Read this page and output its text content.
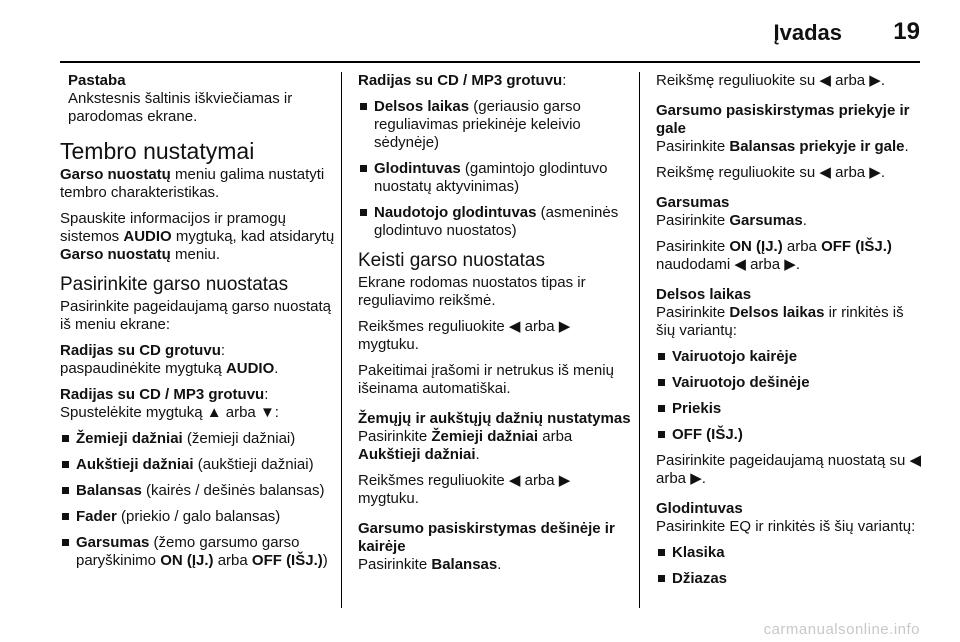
Įvadas 19
Pastaba
Ankstesnis šaltinis iškviečiamas ir parodomas ekrane.
Tembro nustatymai

Garso nuostatų meniu galima nustatyti tembro charakteristikas.

Spauskite informacijos ir pramogų sistemos AUDIO mygtuką, kad atsidarytų Garso nuostatų meniu.

Pasirinkite garso nuostatas

Pasirinkite pageidaujamą garso nuostatą iš meniu ekrane:

Radijas su CD grotuvu:
paspaudinėkite mygtuką AUDIO.

Radijas su CD / MP3 grotuvu:
Spustelėkite mygtuką ▲ arba ▼:

Žemieji dažniai (žemieji dažniai)
Aukštieji dažniai (aukštieji dažniai)
Balansas (kairės / dešinės balansas)
Fader (priekio / galo balansas)
Garsumas (žemo garsumo garso paryškinimo ON (ĮJ.) arba OFF (IŠJ.))

Radijas su CD / MP3 grotuvu:

Delsos laikas (geriausio garso reguliavimas priekinėje keleivio sėdynėje)
Glodintuvas (gamintojo glodintuvo nuostatų aktyvinimas)
Naudotojo glodintuvas (asmeninės glodintuvo nuostatos)
Keisti garso nuostatas

Ekrane rodomas nuostatos tipas ir reguliavimo reikšmė.

Reikšmes reguliuokite ◀ arba ▶ mygtuku.

Pakeitimai įrašomi ir netrukus iš menių išeinama automatiškai.

Žemųjų ir aukštųjų dažnių nustatymas
Pasirinkite Žemieji dažniai arba Aukštieji dažniai.

Reikšmes reguliuokite ◀ arba ▶ mygtuku.

Garsumo pasiskirstymas dešinėje ir kairėje
Pasirinkite Balansas.

Reikšmę reguliuokite su ◀ arba ▶.

Garsumo pasiskirstymas priekyje ir gale
Pasirinkite Balansas priekyje ir gale.

Reikšmę reguliuokite su ◀ arba ▶.

Garsumas
Pasirinkite Garsumas.

Pasirinkite ON (ĮJ.) arba OFF (IŠJ.) naudodami ◀ arba ▶.

Delsos laikas
Pasirinkite Delsos laikas ir rinkitės iš šių variantų:

Vairuotojo kairėje
Vairuotojo dešinėje
Priekis
OFF (IŠJ.)

Pasirinkite pageidaujamą nuostatą su ◀ arba ▶.

Glodintuvas
Pasirinkite EQ ir rinkitės iš šių variantų:

Klasika
Džiazas
carmanualsonline.info
